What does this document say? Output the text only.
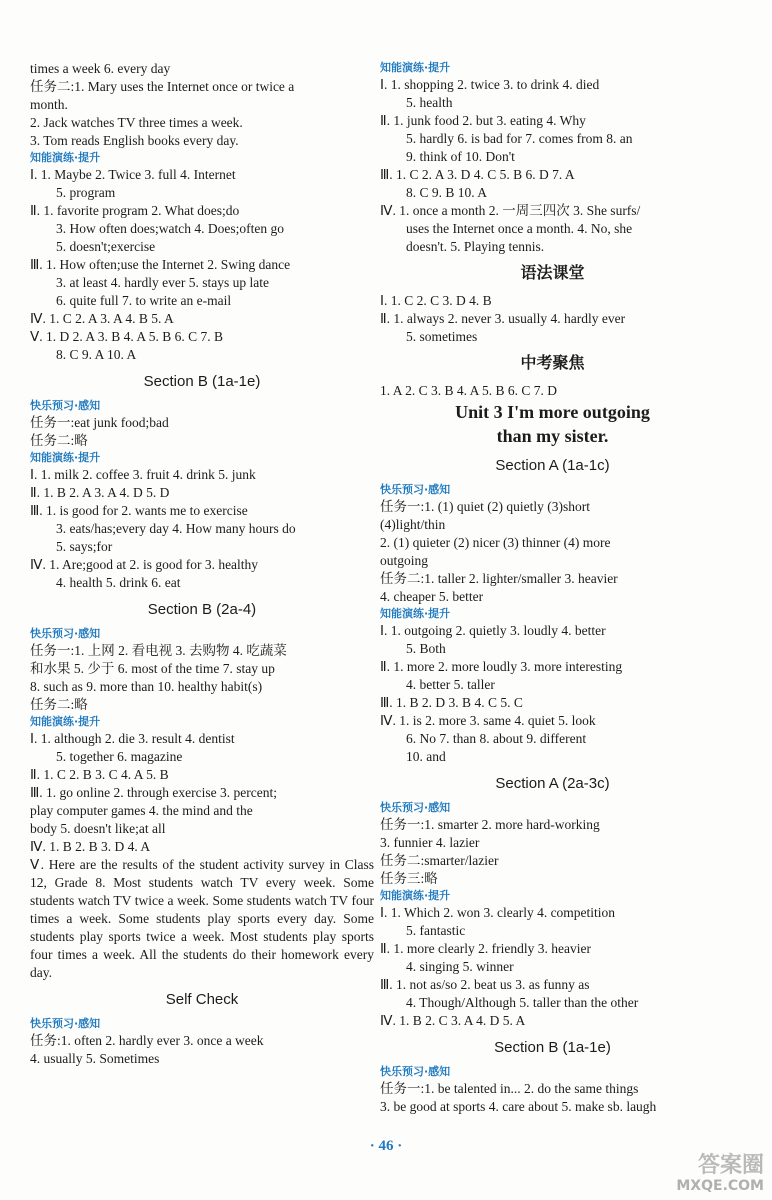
times a week 6. every day
任务二:1. Mary uses the Internet once or twice a
month.
2. Jack watches TV three times a week.
3. Tom reads English books every day.
知能演练·提升
Ⅰ. 1. Maybe 2. Twice 3. full 4. Internet
5. program
Ⅱ. 1. favorite program 2. What does;do
3. How often does;watch 4. Does;often go
5. doesn't;exercise
Ⅲ. 1. How often;use the Internet 2. Swing dance
3. at least 4. hardly ever 5. stays up late
6. quite full 7. to write an e-mail
Ⅳ. 1. C 2. A 3. A 4. B 5. A
Ⅴ. 1. D 2. A 3. B 4. A 5. B 6. C 7. B
8. C 9. A 10. A
Section B (1a-1e)
快乐预习·感知
任务一:eat junk food;bad
任务二:略
知能演练·提升
Ⅰ. 1. milk 2. coffee 3. fruit 4. drink 5. junk
Ⅱ. 1. B 2. A 3. A 4. D 5. D
Ⅲ. 1. is good for 2. wants me to exercise
3. eats/has;every day 4. How many hours do
5. says;for
Ⅳ. 1. Are;good at 2. is good for 3. healthy
4. health 5. drink 6. eat
Section B (2a-4)
快乐预习·感知
任务一:1. 上网 2. 看电视 3. 去购物 4. 吃蔬菜
和水果 5. 少于 6. most of the time 7. stay up
8. such as 9. more than 10. healthy habit(s)
任务二:略
知能演练·提升
Ⅰ. 1. although 2. die 3. result 4. dentist
5. together 6. magazine
Ⅱ. 1. C 2. B 3. C 4. A 5. B
Ⅲ. 1. go online 2. through exercise 3. percent;
play computer games 4. the mind and the
body 5. doesn't like;at all
Ⅳ. 1. B 2. B 3. D 4. A
Ⅴ. Here are the results of the student activity survey in Class 12, Grade 8. Most students watch TV every week. Some students watch TV twice a week. Some students watch TV four times a week. Some students play sports every day. Some students play sports twice a week. Most students play sports four times a week. All the students do their homework every day.
Self Check
快乐预习·感知
任务:1. often 2. hardly ever 3. once a week
4. usually 5. Sometimes
知能演练·提升
Ⅰ. 1. shopping 2. twice 3. to drink 4. died
5. health
Ⅱ. 1. junk food 2. but 3. eating 4. Why
5. hardly 6. is bad for 7. comes from 8. an
9. think of 10. Don't
Ⅲ. 1. C 2. A 3. D 4. C 5. B 6. D 7. A
8. C 9. B 10. A
Ⅳ. 1. once a month 2. 一周三四次 3. She surfs/
uses the Internet once a month. 4. No, she
doesn't. 5. Playing tennis.
语法课堂
Ⅰ. 1. C 2. C 3. D 4. B
Ⅱ. 1. always 2. never 3. usually 4. hardly ever
5. sometimes
中考聚焦
1. A 2. C 3. B 4. A 5. B 6. C 7. D
Unit 3 I'm more outgoing
than my sister.
Section A (1a-1c)
快乐预习·感知
任务一:1. (1) quiet (2) quietly (3)short
(4)light/thin
2. (1) quieter (2) nicer (3) thinner (4) more
outgoing
任务二:1. taller 2. lighter/smaller 3. heavier
4. cheaper 5. better
知能演练·提升
Ⅰ. 1. outgoing 2. quietly 3. loudly 4. better
5. Both
Ⅱ. 1. more 2. more loudly 3. more interesting
4. better 5. taller
Ⅲ. 1. B 2. D 3. B 4. C 5. C
Ⅳ. 1. is 2. more 3. same 4. quiet 5. look
6. No 7. than 8. about 9. different
10. and
Section A (2a-3c)
快乐预习·感知
任务一:1. smarter 2. more hard-working
3. funnier 4. lazier
任务二:smarter/lazier
任务三:略
知能演练·提升
Ⅰ. 1. Which 2. won 3. clearly 4. competition
5. fantastic
Ⅱ. 1. more clearly 2. friendly 3. heavier
4. singing 5. winner
Ⅲ. 1. not as/so 2. beat us 3. as funny as
4. Though/Although 5. taller than the other
Ⅳ. 1. B 2. C 3. A 4. D 5. A
Section B (1a-1e)
快乐预习·感知
任务一:1. be talented in... 2. do the same things
3. be good at sports 4. care about 5. make sb. laugh
· 46 ·
答案圈
MXQE.COM
